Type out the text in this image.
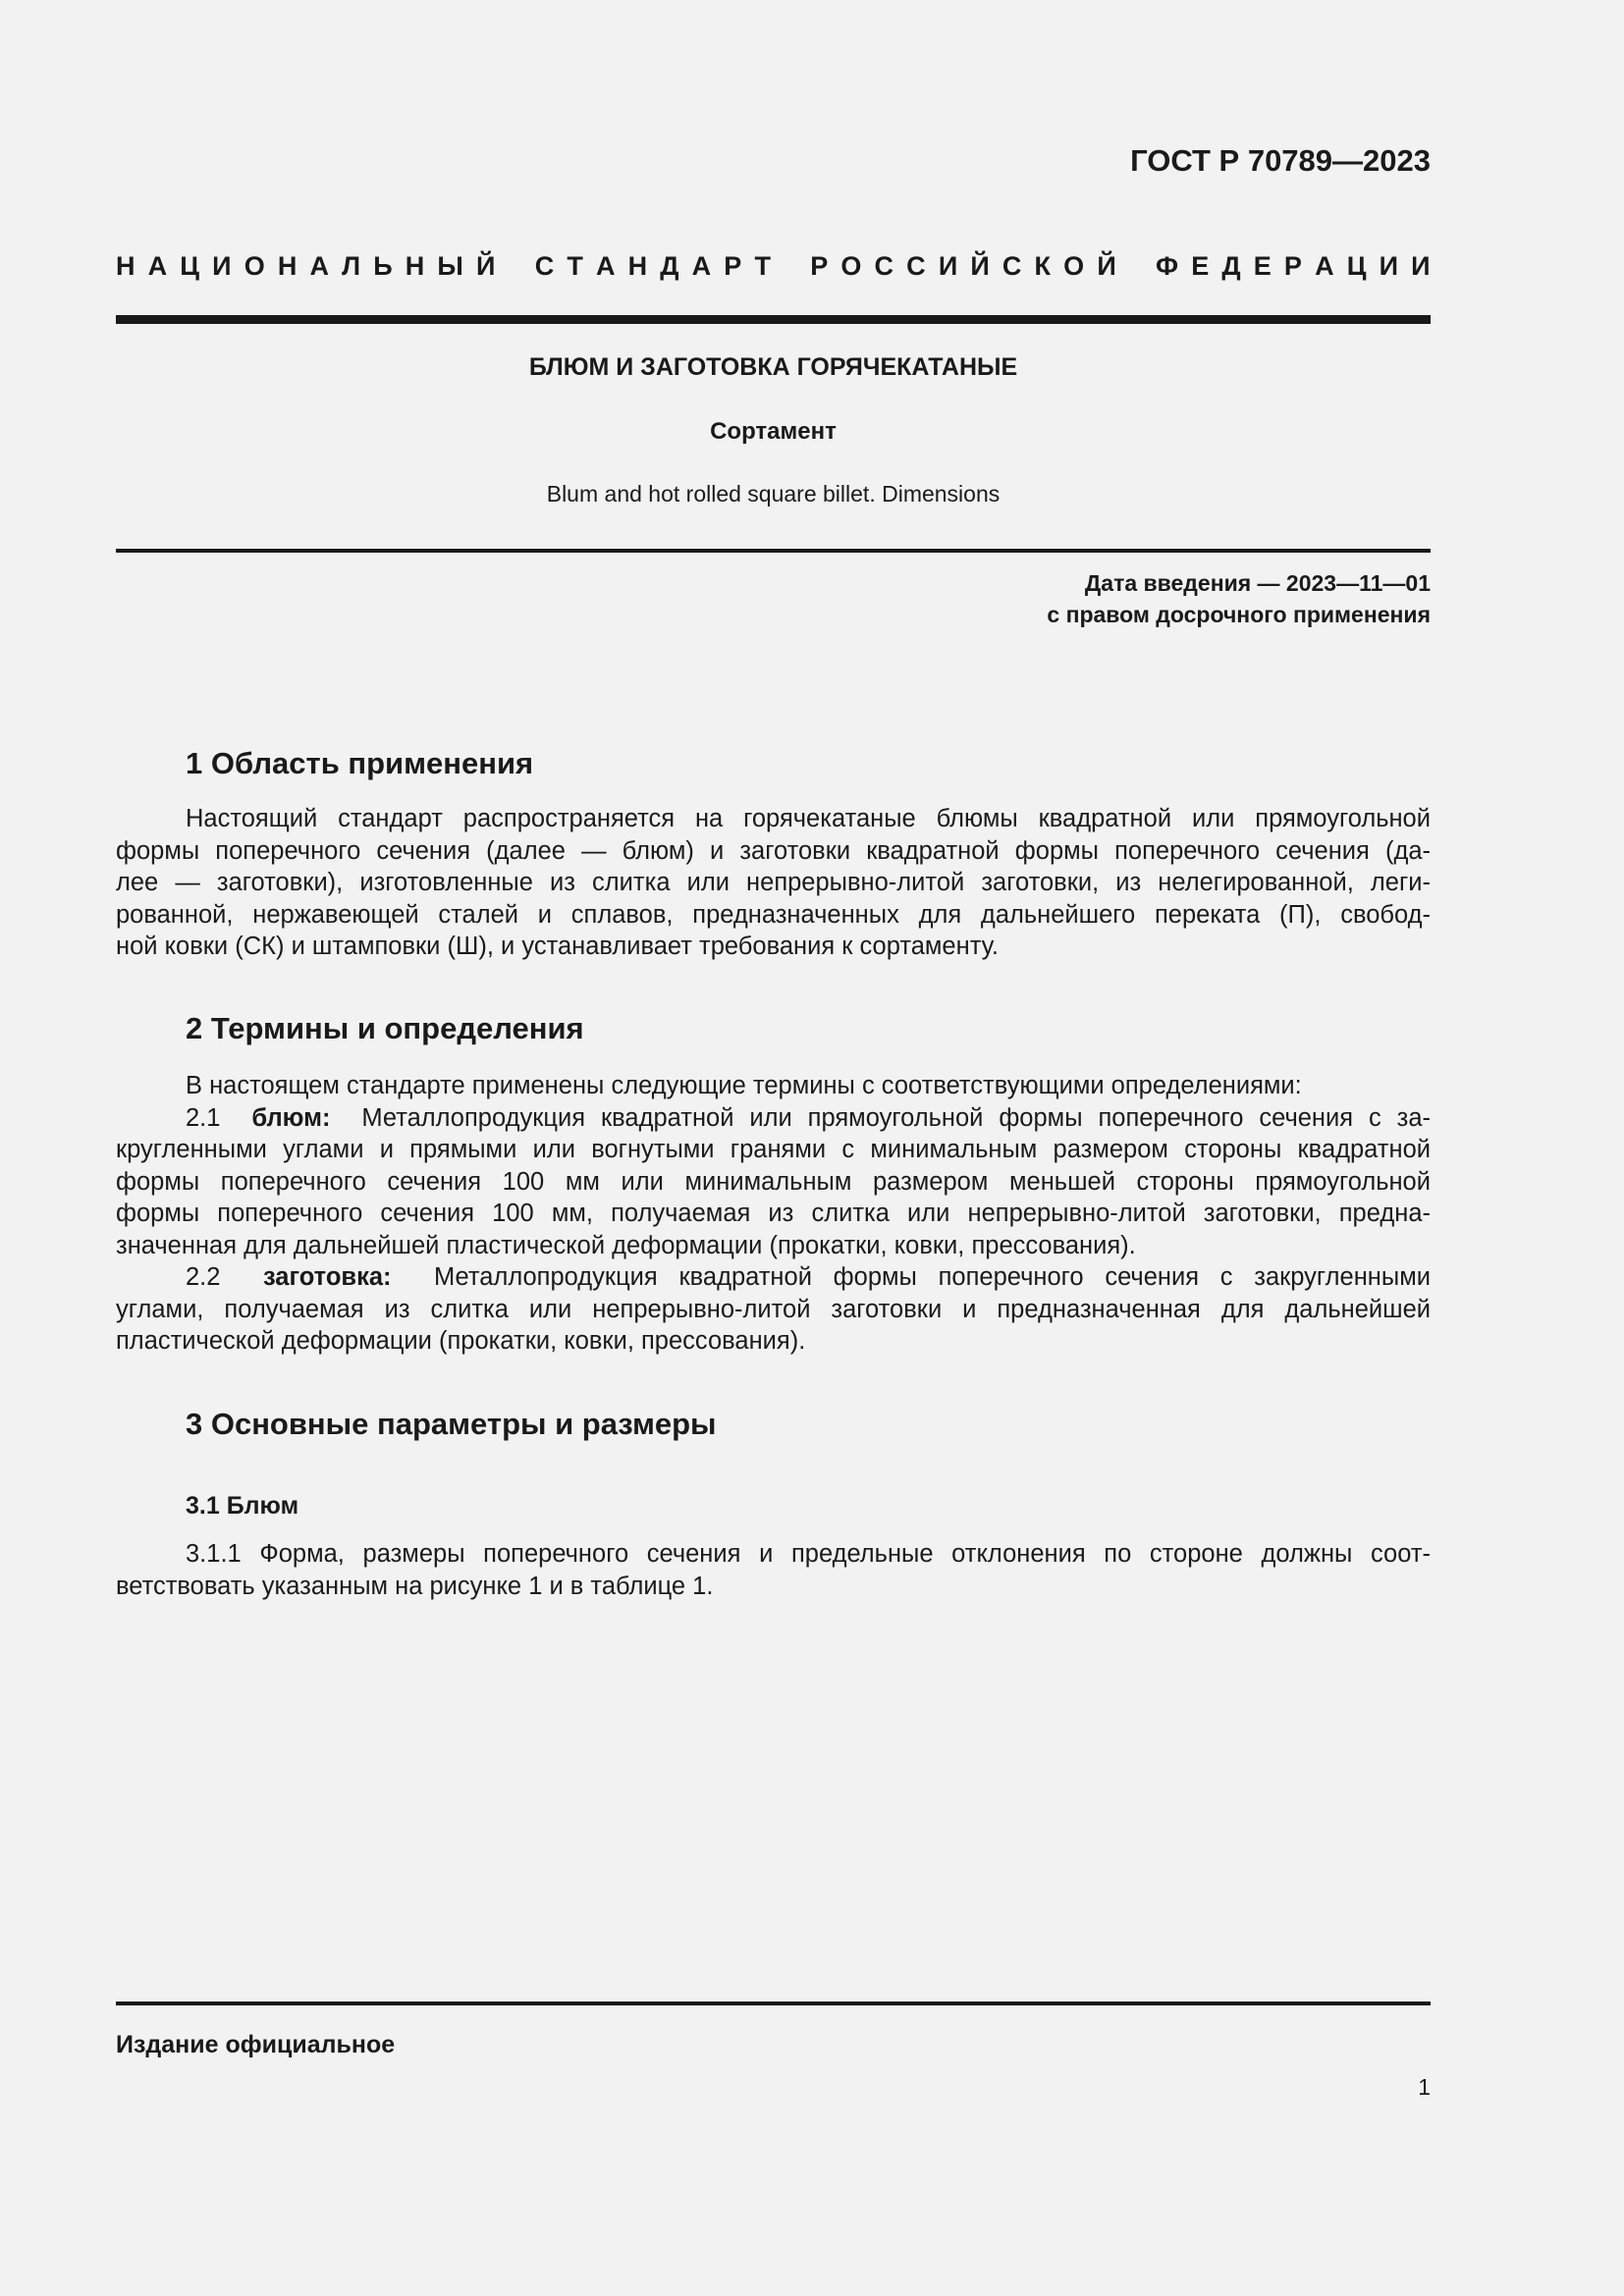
ГОСТ Р 70789—2023
Н А Ц И О Н А Л Ь Н Ы Й С Т А Н Д А Р Т Р О С С И Й С К О Й Ф Е Д Е Р А Ц И И
БЛЮМ И ЗАГОТОВКА ГОРЯЧЕКАТАНЫЕ
Сортамент
Blum and hot rolled square billet. Dimensions
Дата введения — 2023—11—01
с правом досрочного применения
1 Область применения
Настоящий стандарт распространяется на горячекатаные блюмы квадратной или прямоугольной
формы поперечного сечения (далее — блюм) и заготовки квадратной формы поперечного сечения (да-
лее — заготовки), изготовленные из слитка или непрерывно-литой заготовки, из нелегированной, леги-
рованной, нержавеющей сталей и сплавов, предназначенных для дальнейшего переката (П), свобод-
ной ковки (СК) и штамповки (Ш), и устанавливает требования к сортаменту.
2 Термины и определения
В настоящем стандарте применены следующие термины с соответствующими определениями:
2.1 блюм: Металлопродукция квадратной или прямоугольной формы поперечного сечения с за-
кругленными углами и прямыми или вогнутыми гранями с минимальным размером стороны квадратной
формы поперечного сечения 100 мм или минимальным размером меньшей стороны прямоугольной
формы поперечного сечения 100 мм, получаемая из слитка или непрерывно-литой заготовки, предна-
значенная для дальнейшей пластической деформации (прокатки, ковки, прессования).
2.2 заготовка: Металлопродукция квадратной формы поперечного сечения с закругленными
углами, получаемая из слитка или непрерывно-литой заготовки и предназначенная для дальнейшей
пластической деформации (прокатки, ковки, прессования).
3 Основные параметры и размеры
3.1 Блюм
3.1.1 Форма, размеры поперечного сечения и предельные отклонения по стороне должны соот-
ветствовать указанным на рисунке 1 и в таблице 1.
Издание официальное
1
